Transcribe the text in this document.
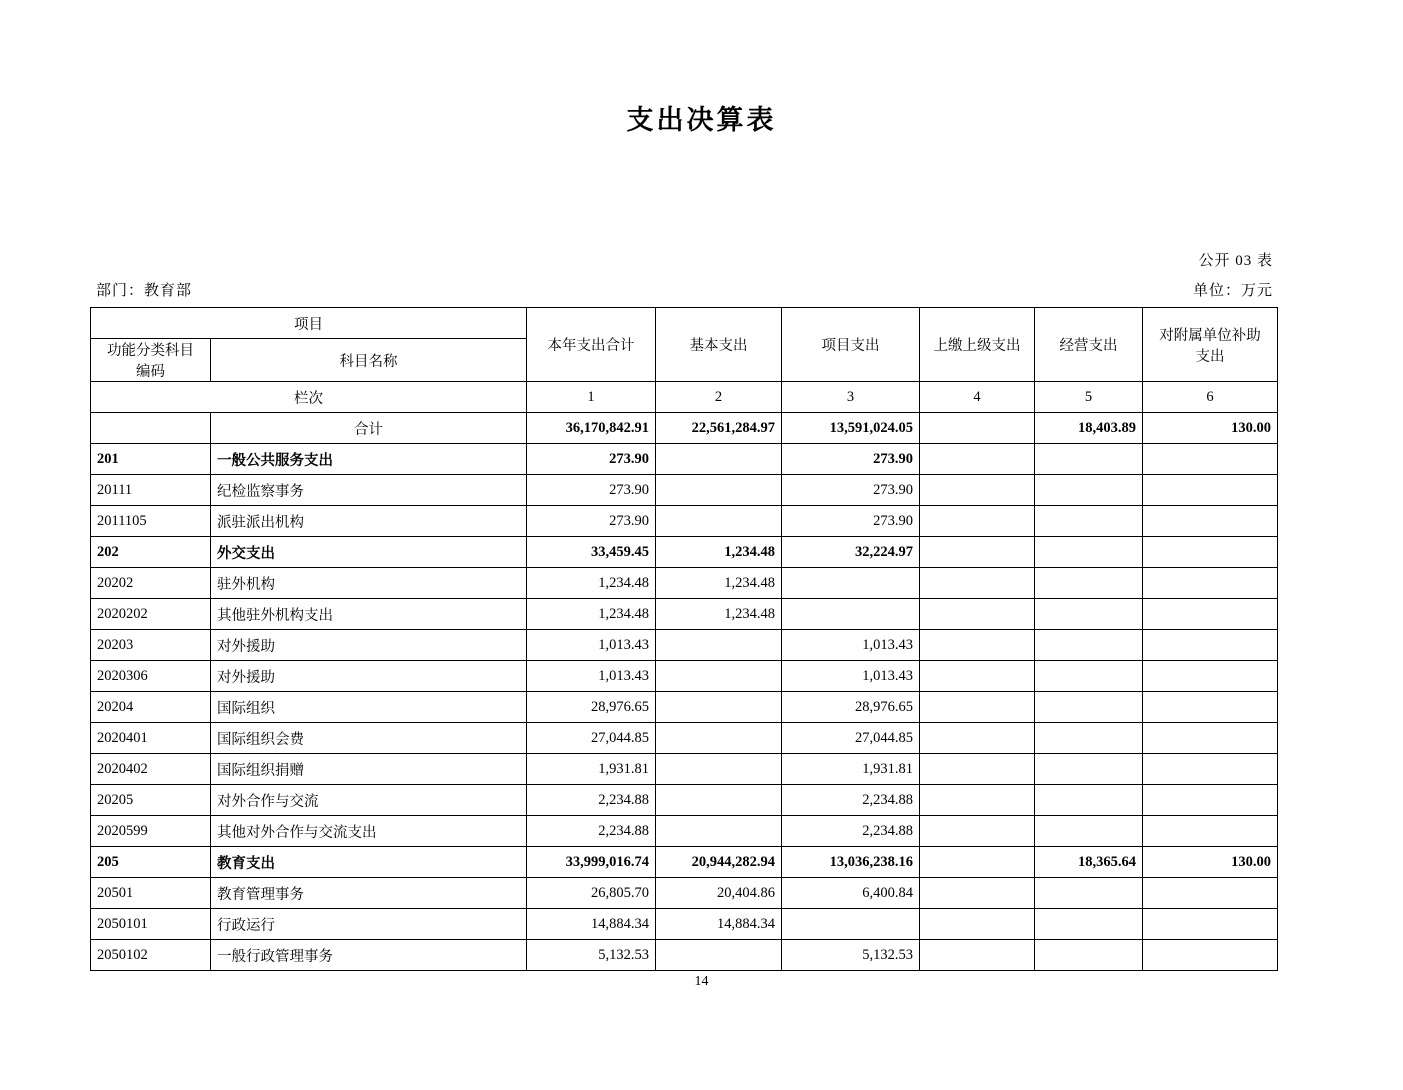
支出决算表
公开 03 表
单位：万元
部门：教育部
项目		本年支出合计	基本支出	项目支出	上缴上级支出	经营支出	对附属单位补助
支出

功能分类科目
编码	科目名称						
栏次		1	2	3	4	5	6
	合计	36,170,842.91	22,561,284.97	13,591,024.05		18,403.89	130.00
201	一般公共服务支出	273.90		273.90			
20111	纪检监察事务	273.90		273.90			
2011105	派驻派出机构	273.90		273.90			
202	外交支出	33,459.45	1,234.48	32,224.97			
20202	驻外机构	1,234.48	1,234.48				
2020202	其他驻外机构支出	1,234.48	1,234.48				
20203	对外援助	1,013.43		1,013.43			
2020306	对外援助	1,013.43		1,013.43			
20204	国际组织	28,976.65		28,976.65			
2020401	国际组织会费	27,044.85		27,044.85			
2020402	国际组织捐赠	1,931.81		1,931.81			
20205	对外合作与交流	2,234.88		2,234.88			
2020599	其他对外合作与交流支出	2,234.88		2,234.88			
205	教育支出	33,999,016.74	20,944,282.94	13,036,238.16		18,365.64	130.00
20501	教育管理事务	26,805.70	20,404.86	6,400.84			
2050101	行政运行	14,884.34	14,884.34				
2050102	一般行政管理事务	5,132.53		5,132.53			
14
